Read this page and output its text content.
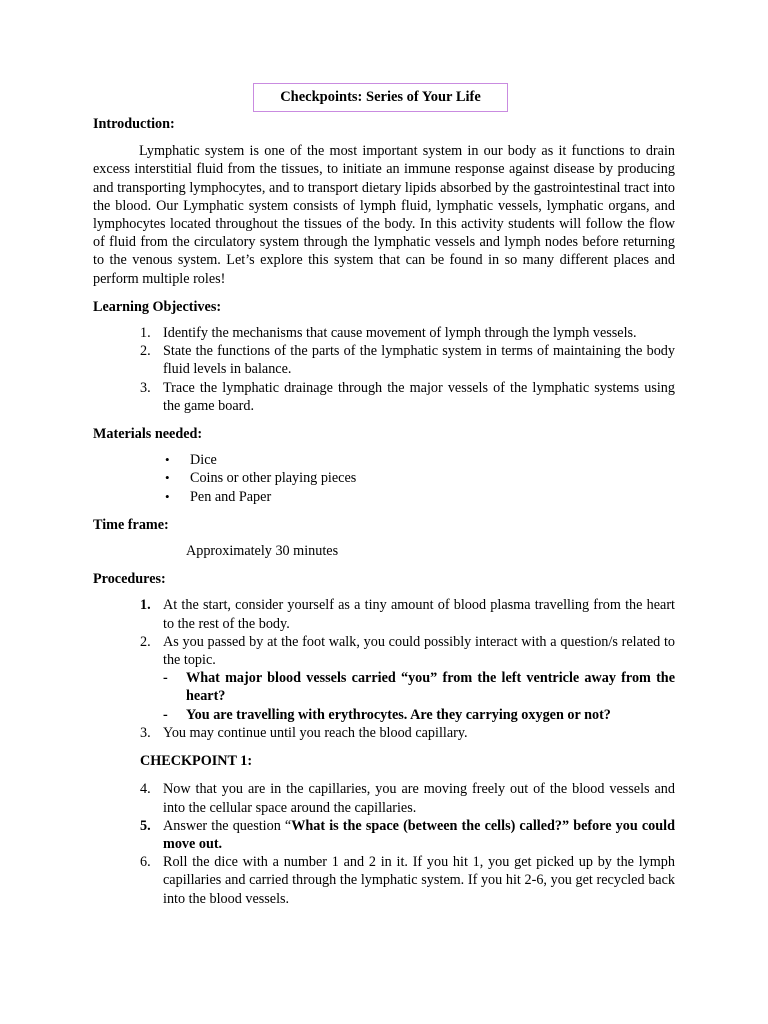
Checkpoints: Series of Your Life

Introduction:

Lymphatic system is one of the most important system in our body as it functions to drain excess interstitial fluid from the tissues, to initiate an immune response against disease by producing and transporting lymphocytes, and to transport dietary lipids absorbed by the gastrointestinal tract into the blood. Our Lymphatic system consists of lymph fluid, lymphatic vessels, lymphatic organs, and lymphocytes located throughout the tissues of the body. In this activity students will follow the flow of fluid from the circulatory system through the lymphatic vessels and lymph nodes before returning to the venous system. Let’s explore this system that can be found in so many different places and perform multiple roles!

Learning Objectives:

1. Identify the mechanisms that cause movement of lymph through the lymph vessels.
2. State the functions of the parts of the lymphatic system in terms of maintaining the body fluid levels in balance.
3. Trace the lymphatic drainage through the major vessels of the lymphatic systems using the game board.

Materials needed:

• Dice
• Coins or other playing pieces
• Pen and Paper

Time frame:

Approximately 30 minutes

Procedures:

1. At the start, consider yourself as a tiny amount of blood plasma travelling from the heart to the rest of the body.
2. As you passed by at the foot walk, you could possibly interact with a question/s related to the topic.
- What major blood vessels carried “you” from the left ventricle away from the heart?
- You are travelling with erythrocytes. Are they carrying oxygen or not?
3. You may continue until you reach the blood capillary.
CHECKPOINT 1:
4. Now that you are in the capillaries, you are moving freely out of the blood vessels and into the cellular space around the capillaries.
5. Answer the question “What is the space (between the cells) called?” before you could move out.
6. Roll the dice with a number 1 and 2 in it. If you hit 1, you get picked up by the lymph capillaries and carried through the lymphatic system. If you hit 2-6, you get recycled back into the blood vessels.
